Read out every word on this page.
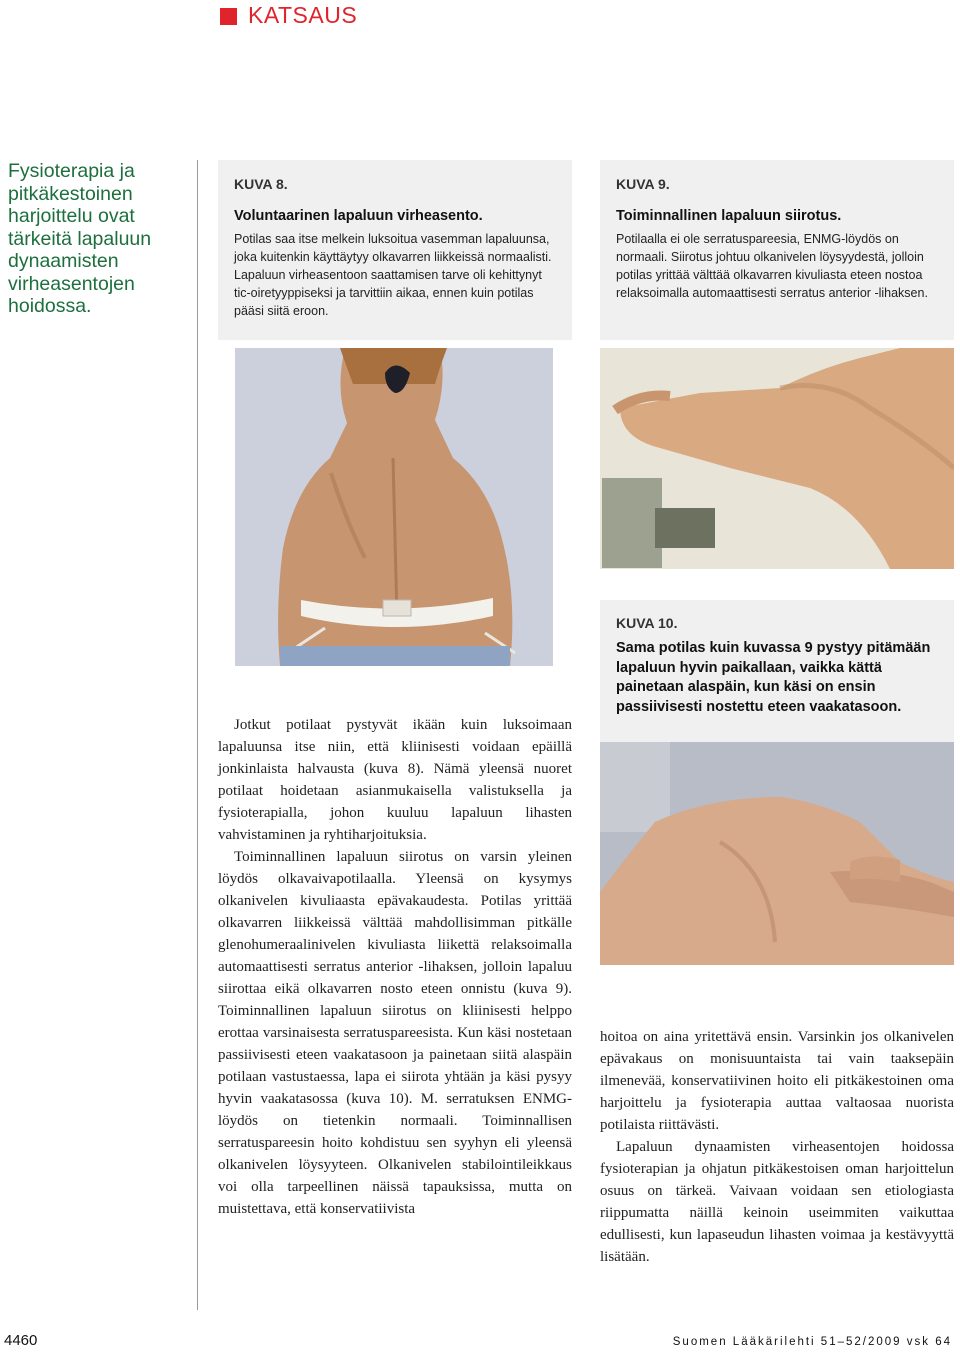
KATSAUS
Fysioterapia ja pitkäkestoinen harjoittelu ovat tärkeitä lapaluun dynaamisten virheasentojen hoidossa.
KUVA 8.
Voluntaarinen lapaluun virheasento.
Potilas saa itse melkein luksoitua vasemman lapaluunsa, joka kuitenkin käyttäytyy olkavarren liikkeissä normaalisti. Lapaluun virheasentoon saattamisen tarve oli kehittynyt tic-oiretyyppiseksi ja tarvittiin aikaa, ennen kuin potilas pääsi siitä eroon.
KUVA 9.
Toiminnallinen lapaluun siirotus.
Potilaalla ei ole serratuspareesia, ENMG-löydös on normaali. Siirotus johtuu olkanivelen löysyydestä, jolloin potilas yrittää välttää olkavarren kivuliasta eteen nostoa relaksoimalla automaattisesti serratus anterior -lihaksen.
KUVA 10.
Sama potilas kuin kuvassa 9 pystyy pitämään lapaluun hyvin paikallaan, vaikka kättä painetaan alaspäin, kun käsi on ensin passiivisesti nostettu eteen vaakatasoon.

Jotkut potilaat pystyvät ikään kuin luksoimaan lapaluunsa itse niin, että kliinisesti voidaan epäillä jonkinlaista halvausta (kuva 8). Nämä yleensä nuoret potilaat hoidetaan asianmukaisella valistuksella ja fysioterapialla, johon kuuluu lapaluun lihasten vahvistaminen ja ryhtiharjoituksia.

Toiminnallinen lapaluun siirotus on varsin yleinen löydös olkavaivapotilaalla. Yleensä on kysymys olkanivelen kivuliaasta epävakaudesta. Potilas yrittää olkavarren liikkeissä välttää mahdollisimman pitkälle glenohumeraalinivelen kivuliasta liikettä relaksoimalla automaattisesti serratus anterior -lihaksen, jolloin lapaluu siirottaa eikä olkavarren nosto eteen onnistu (kuva 9). Toiminnallinen lapaluun siirotus on kliinisesti helppo erottaa varsinaisesta serratuspareesista. Kun käsi nostetaan passiivisesti eteen vaakatasoon ja painetaan siitä alaspäin potilaan vastustaessa, lapa ei siirota yhtään ja käsi pysyy hyvin vaakatasossa (kuva 10). M. serratuksen ENMG-löydös on tietenkin normaali. Toiminnallisen serratuspareesin hoito kohdistuu sen syyhyn eli yleensä olkanivelen löysyyteen. Olkanivelen stabilointileikkaus voi olla tarpeellinen näissä tapauksissa, mutta on muistettava, että konservatiivista

hoitoa on aina yritettävä ensin. Varsinkin jos olkanivelen epävakaus on monisuuntaista tai vain taaksepäin ilmenevää, konservatiivinen hoito eli pitkäkestoinen oma harjoittelu ja fysioterapia auttaa valtaosaa nuorista potilaista riittävästi.

Lapaluun dynaamisten virheasentojen hoidossa fysioterapian ja ohjatun pitkäkestoisen oman harjoittelun osuus on tärkeä. Vaivaan voidaan sen etiologiasta riippumatta näillä keinoin useimmiten vaikuttaa edullisesti, kun lapaseudun lihasten voimaa ja kestävyyttä lisätään.

4460	Suomen Lääkärilehti 51–52/2009 vsk 64
